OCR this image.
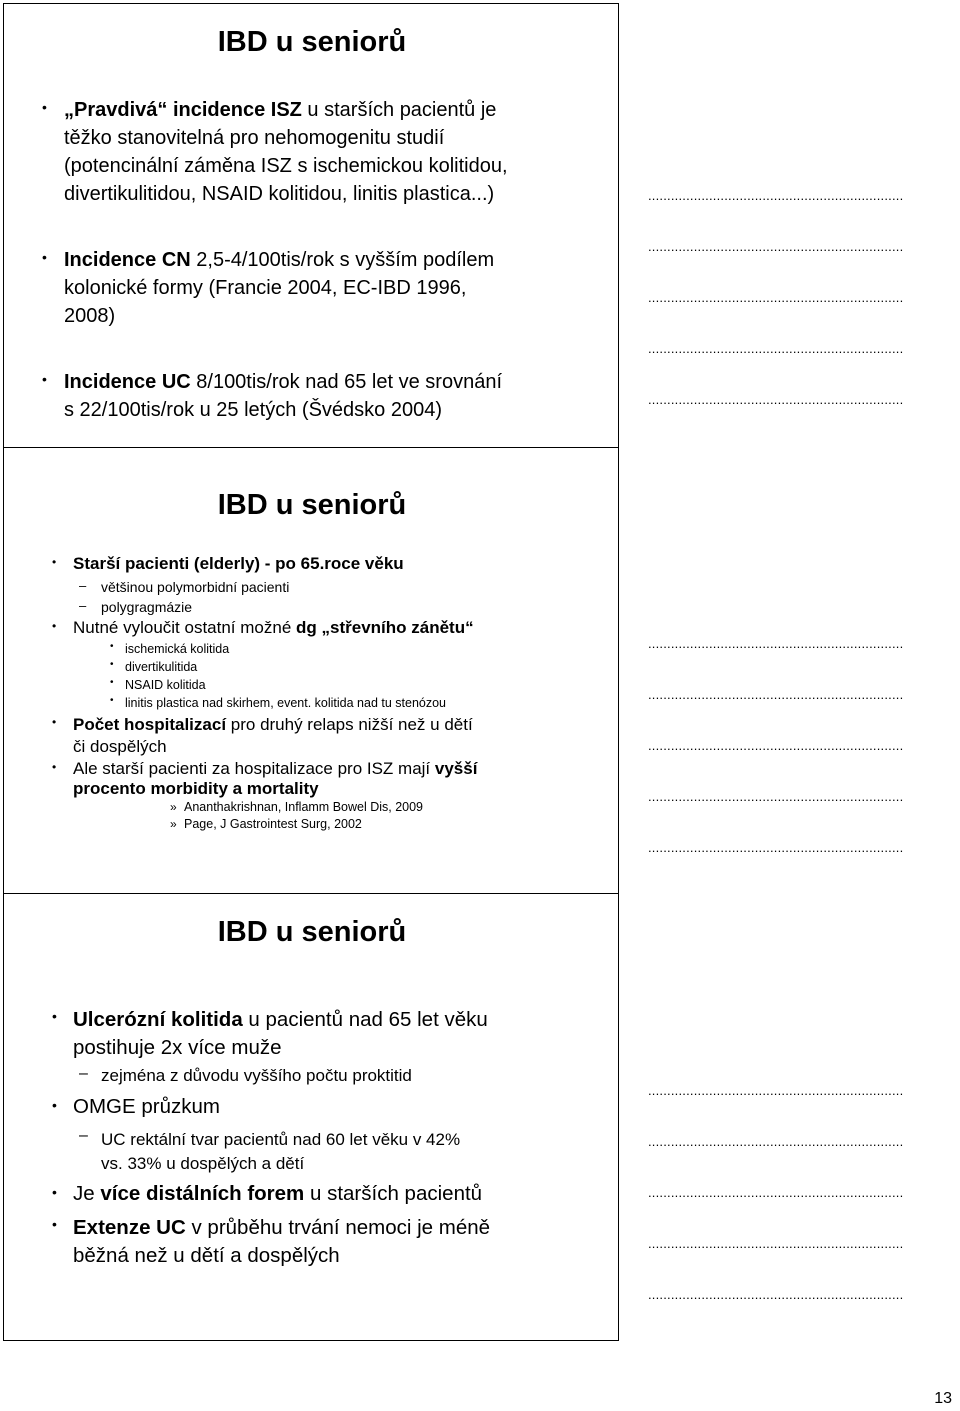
IBD u seniorů
• „Pravdivá“ incidence ISZ u starších pacientů je
těžko stanovitelná pro nehomogenitu studií
(potencinální záměna ISZ s ischemickou kolitidou,
divertikulitidou, NSAID kolitidou, linitis plastica...)
• Incidence CN 2,5-4/100tis/rok s vyšším podílem
kolonické formy (Francie 2004, EC-IBD 1996,
2008)
• Incidence UC 8/100tis/rok nad 65 let ve srovnání
s 22/100tis/rok u 25 letých (Švédsko 2004)
IBD u seniorů
• Starší pacienti (elderly) - po 65.roce věku
– většinou polymorbidní pacienti
– polygragmázie
• Nutné vyloučit ostatní možné dg „střevního zánětu“
• ischemická kolitida
• divertikulitida
• NSAID kolitida
• linitis plastica nad skirhem, event. kolitida nad tu stenózou
• Počet hospitalizací pro druhý relaps nižší než u dětí
či dospělých
• Ale starší pacienti za hospitalizace pro ISZ mají vyšší
procento morbidity a mortality
» Ananthakrishnan, Inflamm Bowel Dis, 2009
» Page, J Gastrointest Surg, 2002
IBD u seniorů
• Ulcerózní kolitida u pacientů nad 65 let věku
postihuje 2x více muže
– zejména z důvodu vyššího počtu proktitid
• OMGE průzkum
– UC rektální tvar pacientů nad 60 let věku v 42%
vs. 33% u dospělých a dětí
• Je více distálních forem u starších pacientů
• Extenze UC v průběhu trvání nemoci je méně
běžná než u dětí a dospělých
...................................................................
...................................................................
...................................................................
...................................................................
...................................................................
...................................................................
...................................................................
...................................................................
...................................................................
...................................................................
...................................................................
...................................................................
...................................................................
...................................................................
...................................................................
13
